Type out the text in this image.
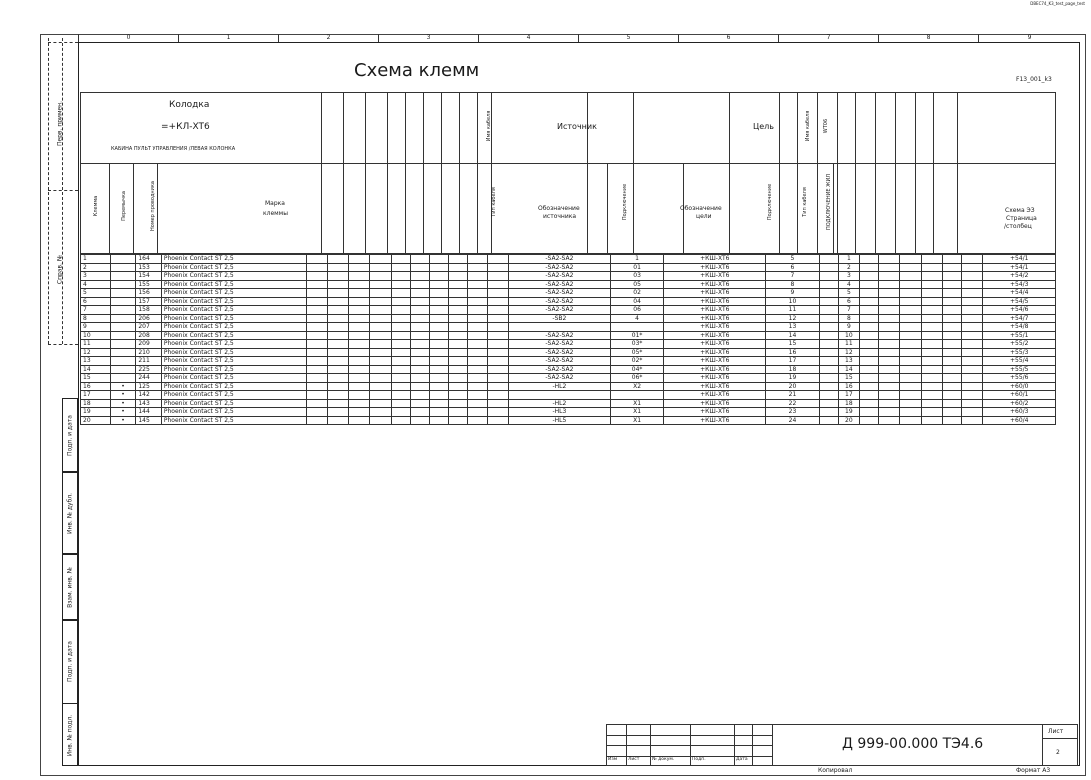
DBEC74_K3_test_page_test
0	1	2	3	4	5	6	7	8	9
Перв. примен.
Справ. №
Подп. и дата
Инв. № дубл.
Взам. инв. №
Подп. и дата
Инв. № подл.
Схема клемм	F13_001_k3
Колодка
=+КЛ-XT6
КАБИНА ПУЛЬТ УПРАВЛЕНИЯ /ЛЕВАЯ КОЛОНКА
Имя кабеля	Источник	Цель	Имя кабеля WT06
Клемма	Перемычка	Номер проводника	Марка
клеммы	Тип кабеля	Обозначение
источника	Подключение	Обозначение
цели	Подключение	Тип кабеля	ПОДКЛЮЧЕНИЕ ЖИЛ	Схема ЭЗ
Страница
/столбец
1		164	Phoenix Contact ST 2,5											-SA2-SA2	1	+КШ-XT6	5		1							+54/1
2		153	Phoenix Contact ST 2,5											-SA2-SA2	01	+КШ-XT6	6		2							+54/1
3		154	Phoenix Contact ST 2,5											-SA2-SA2	03	+КШ-XT6	7		3							+54/2
4		155	Phoenix Contact ST 2,5											-SA2-SA2	05	+КШ-XT6	8		4							+54/3
5		156	Phoenix Contact ST 2,5											-SA2-SA2	02	+КШ-XT6	9		5							+54/4
6		157	Phoenix Contact ST 2,5											-SA2-SA2	04	+КШ-XT6	10		6							+54/5
7		158	Phoenix Contact ST 2,5											-SA2-SA2	06	+КШ-XT6	11		7							+54/6
8		206	Phoenix Contact ST 2,5											-SB2	4	+КШ-XT6	12		8							+54/7
9		207	Phoenix Contact ST 2,5													+КШ-XT6	13		9							+54/8
10		208	Phoenix Contact ST 2,5											-SA2-SA2	01*	+КШ-XT6	14		10							+55/1
11		209	Phoenix Contact ST 2,5											-SA2-SA2	03*	+КШ-XT6	15		11							+55/2
12		210	Phoenix Contact ST 2,5											-SA2-SA2	05*	+КШ-XT6	16		12							+55/3
13		211	Phoenix Contact ST 2,5											-SA2-SA2	02*	+КШ-XT6	17		13							+55/4
14		225	Phoenix Contact ST 2,5											-SA2-SA2	04*	+КШ-XT6	18		14							+55/5
15		244	Phoenix Contact ST 2,5											-SA2-SA2	06*	+КШ-XT6	19		15							+55/6
16	•	125	Phoenix Contact ST 2,5											-HL2	X2	+КШ-XT6	20		16							+60/0
17	•	142	Phoenix Contact ST 2,5													+КШ-XT6	21		17							+60/1
18	•	143	Phoenix Contact ST 2,5											-HL2	X1	+КШ-XT6	22		18							+60/2
19	•	144	Phoenix Contact ST 2,5											-HL3	X1	+КШ-XT6	23		19							+60/3
20	•	145	Phoenix Contact ST 2,5											-HL5	X1	+КШ-XT6	24		20							+60/4
Изм Лист	№ докум.	Подп.	Дата
Д 999-00.000 ТЭ4.6
Лист
2
Копировал	Формат А3
